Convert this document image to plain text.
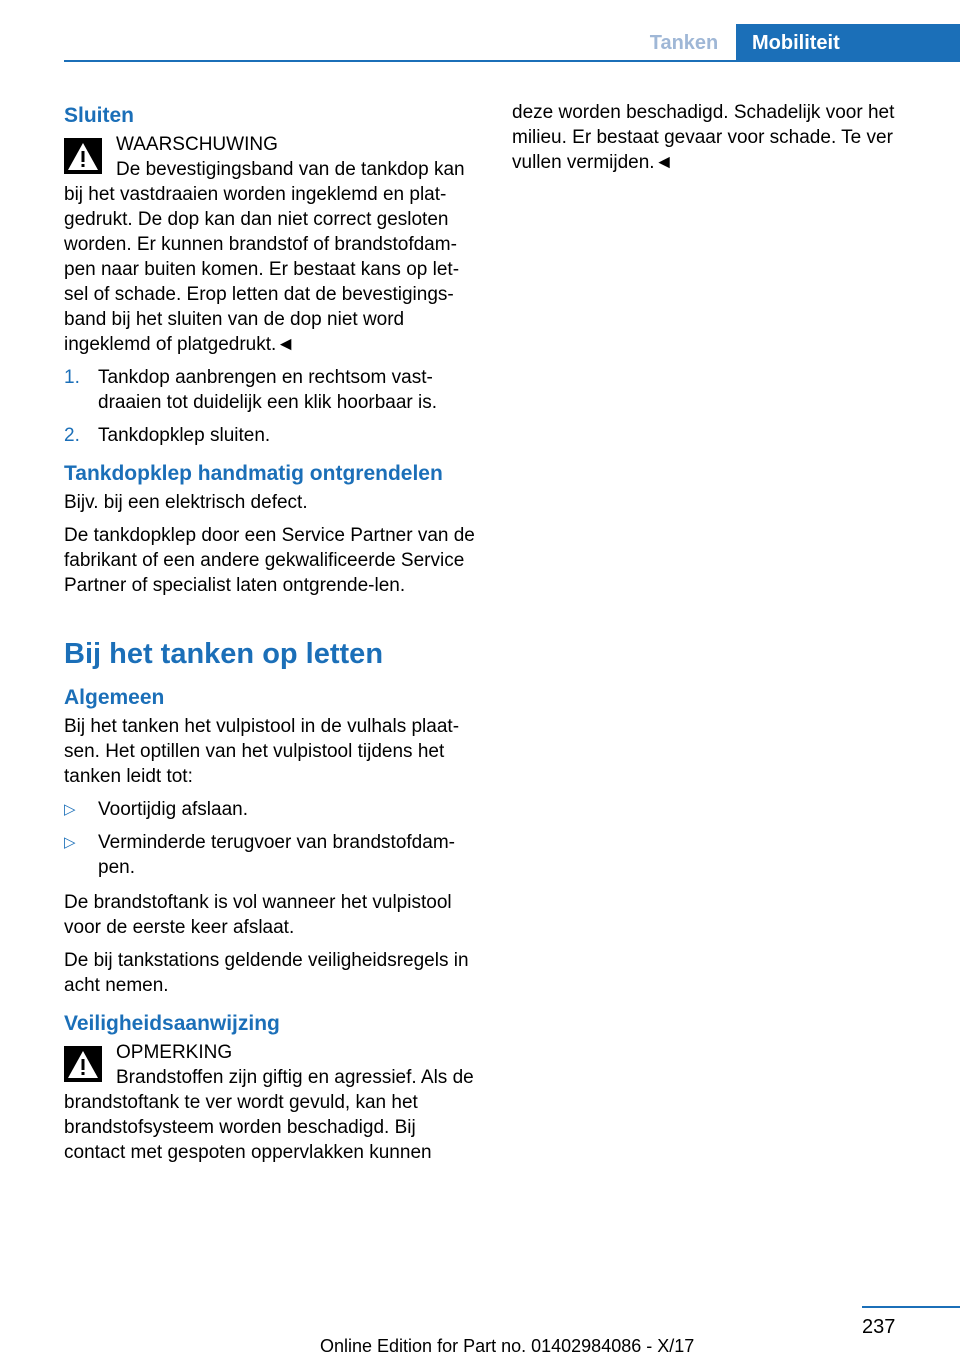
Tanken	Mobiliteit
Sluiten
WAARSCHUWING

De bevestigingsband van de tankdop kan bij het vastdraaien worden ingeklemd en plat-gedrukt. De dop kan dan niet correct gesloten worden. Er kunnen brandstof of brandstofdam-pen naar buiten komen. Er bestaat kans op let-sel of schade. Erop letten dat de bevestigings-band bij het sluiten van de dop niet word ingeklemd of platgedrukt.◄

1. Tankdop aanbrengen en rechtsom vast-draaien tot duidelijk een klik hoorbaar is.
2. Tankdopklep sluiten.
Tankdopklep handmatig ontgrendelen

Bijv. bij een elektrisch defect.

De tankdopklep door een Service Partner van de fabrikant of een andere gekwalificeerde Service Partner of specialist laten ontgrende-len.

Bij het tanken op letten
Algemeen

Bij het tanken het vulpistool in de vulhals plaat-sen. Het optillen van het vulpistool tijdens het tanken leidt tot:

▷ Voortijdig afslaan.
▷ Verminderde terugvoer van brandstofdam-pen.

De brandstoftank is vol wanneer het vulpistool voor de eerste keer afslaat.

De bij tankstations geldende veiligheidsregels in acht nemen.

Veiligheidsaanwijzing
OPMERKING

Brandstoffen zijn giftig en agressief. Als de brandstoftank te ver wordt gevuld, kan het brandstofsysteem worden beschadigd. Bij contact met gespoten oppervlakken kunnen

deze worden beschadigd. Schadelijk voor het milieu. Er bestaat gevaar voor schade. Te ver vullen vermijden.◄

237
Online Edition for Part no. 01402984086 - X/17
